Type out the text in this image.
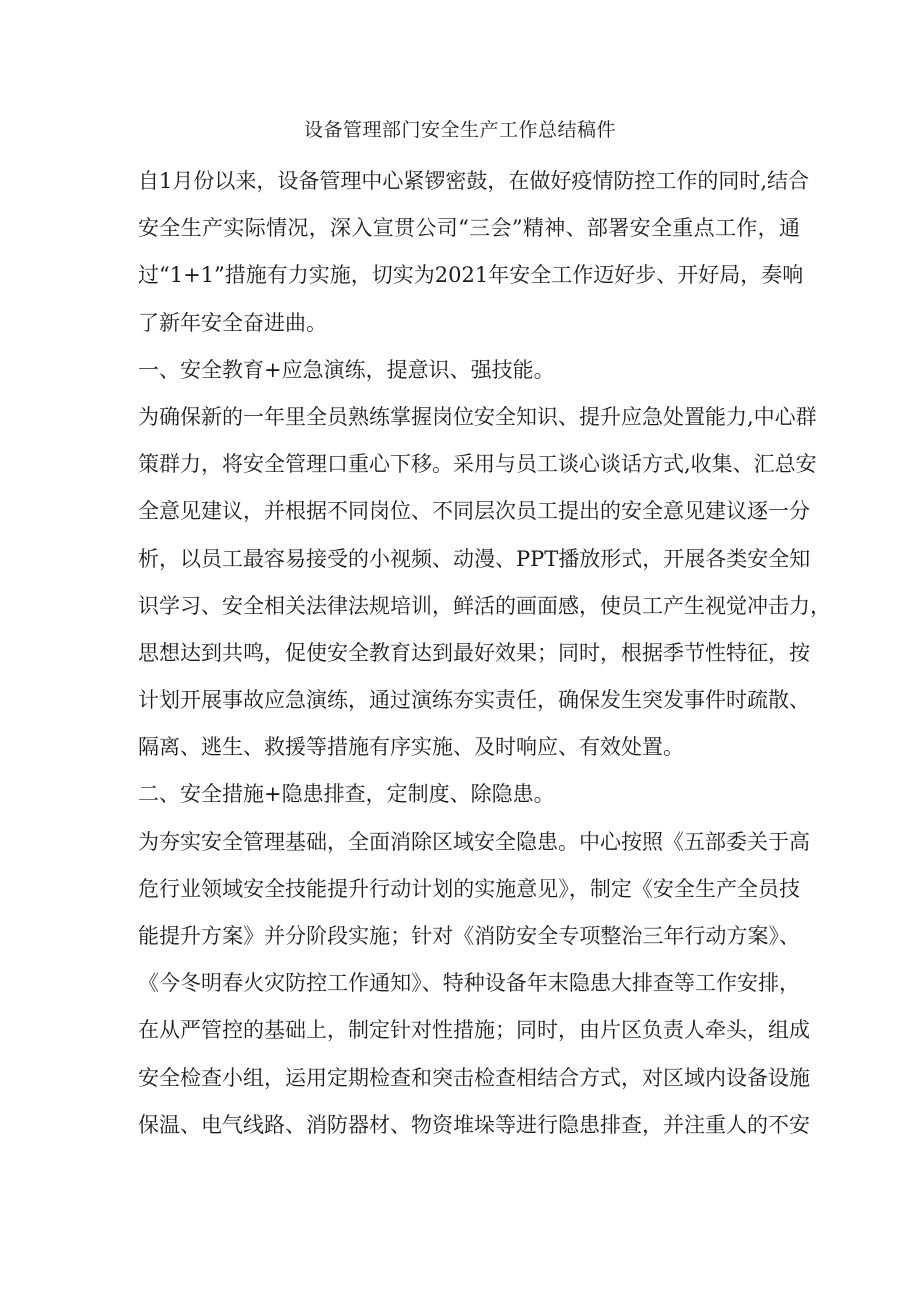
设备管理部门安全生产工作总结稿件
自1月份以来，设备管理中心紧锣密鼓，在做好疫情防控工作的同时,结合
安全生产实际情况，深入宣贯公司“三会”精神、部署安全重点工作，通
过“1+1”措施有力实施，切实为2021年安全工作迈好步、开好局，奏响
了新年安全奋进曲。
一、安全教育+应急演练，提意识、强技能。
为确保新的一年里全员熟练掌握岗位安全知识、提升应急处置能力,中心群
策群力，将安全管理口重心下移。采用与员工谈心谈话方式,收集、汇总安
全意见建议，并根据不同岗位、不同层次员工提出的安全意见建议逐一分
析，以员工最容易接受的小视频、动漫、PPT播放形式，开展各类安全知
识学习、安全相关法律法规培训，鲜活的画面感，使员工产生视觉冲击力，
思想达到共鸣，促使安全教育达到最好效果；同时，根据季节性特征，按
计划开展事故应急演练，通过演练夯实责任，确保发生突发事件时疏散、
隔离、逃生、救援等措施有序实施、及时响应、有效处置。
二、安全措施+隐患排查，定制度、除隐患。
为夯实安全管理基础，全面消除区域安全隐患。中心按照《五部委关于高
危行业领域安全技能提升行动计划的实施意见》，制定《安全生产全员技
能提升方案》并分阶段实施；针对《消防安全专项整治三年行动方案》、
《今冬明春火灾防控工作通知》、特种设备年末隐患大排查等工作安排，
在从严管控的基础上，制定针对性措施；同时，由片区负责人牵头，组成
安全检查小组，运用定期检查和突击检查相结合方式，对区域内设备设施
保温、电气线路、消防器材、物资堆垛等进行隐患排查，并注重人的不安
